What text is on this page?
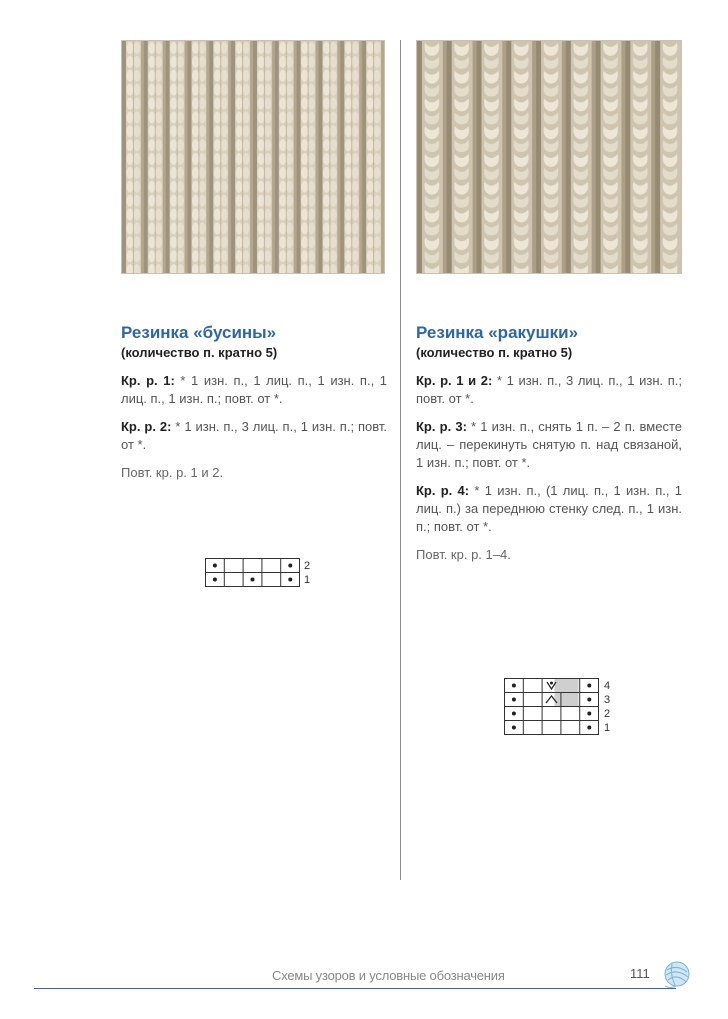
Резинка «бусины»
(количество п. кратно 5)

Кр. р. 1: * 1 изн. п., 1 лиц. п., 1 изн. п., 1 лиц. п., 1 изн. п.; повт. от *.

Кр. р. 2: * 1 изн. п., 3 лиц. п., 1 изн. п.; повт. от *.

Повт. кр. р. 1 и 2.

Резинка «ракушки»
(количество п. кратно 5)

Кр. р. 1 и 2: * 1 изн. п., 3 лиц. п., 1 изн. п.; повт. от *.

Кр. р. 3: * 1 изн. п., снять 1 п. – 2 п. вместе лиц. – перекинуть снятую п. над связаной, 1 изн. п.; повт. от *.

Кр. р. 4: * 1 изн. п., (1 лиц. п., 1 изн. п., 1 лиц. п.) за переднюю стенку след. п., 1 изн. п.; повт. от *.

Повт. кр. р. 1–4.

2
1
4
3
2
1
Схемы узоров и условные обозначения	111
